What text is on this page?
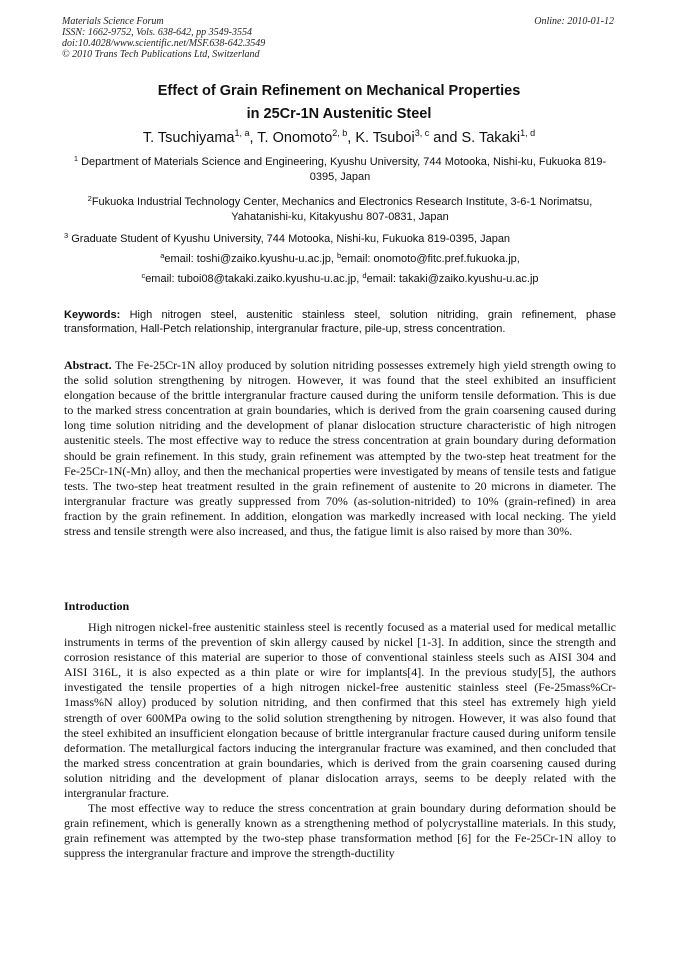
Materials Science Forum
ISSN: 1662-9752, Vols. 638-642, pp 3549-3554
doi:10.4028/www.scientific.net/MSF.638-642.3549
© 2010 Trans Tech Publications Ltd, Switzerland
Online: 2010-01-12
Effect of Grain Refinement on Mechanical Properties
in 25Cr-1N Austenitic Steel
T. Tsuchiyama$^{1, a}$, T. Onomoto$^{2, b}$, K. Tsuboi$^{3, c}$ and S. Takaki$^{1, d}$
$^1$ Department of Materials Science and Engineering, Kyushu University, 744 Motooka, Nishi-ku, Fukuoka 819-0395, Japan
$^2$Fukuoka Industrial Technology Center, Mechanics and Electronics Research Institute, 3-6-1 Norimatsu, Yahatanishi-ku, Kitakyushu 807-0831, Japan
$^3$ Graduate Student of Kyushu University, 744 Motooka, Nishi-ku, Fukuoka 819-0395, Japan
$^a$email: toshi@zaiko.kyushu-u.ac.jp, $^b$email: onomoto@fitc.pref.fukuoka.jp,
$^c$email: tuboi08@takaki.zaiko.kyushu-u.ac.jp, $^d$email: takaki@zaiko.kyushu-u.ac.jp
Keywords: High nitrogen steel, austenitic stainless steel, solution nitriding, grain refinement, phase transformation, Hall-Petch relationship, intergranular fracture, pile-up, stress concentration.
Abstract. The Fe-25Cr-1N alloy produced by solution nitriding possesses extremely high yield strength owing to the solid solution strengthening by nitrogen. However, it was found that the steel exhibited an insufficient elongation because of the brittle intergranular fracture caused during the uniform tensile deformation. This is due to the marked stress concentration at grain boundaries, which is derived from the grain coarsening caused during long time solution nitriding and the development of planar dislocation structure characteristic of high nitrogen austenitic steels. The most effective way to reduce the stress concentration at grain boundary during deformation should be grain refinement. In this study, grain refinement was attempted by the two-step heat treatment for the Fe-25Cr-1N(-Mn) alloy, and then the mechanical properties were investigated by means of tensile tests and fatigue tests. The two-step heat treatment resulted in the grain refinement of austenite to 20 microns in diameter. The intergranular fracture was greatly suppressed from 70% (as-solution-nitrided) to 10% (grain-refined) in area fraction by the grain refinement. In addition, elongation was markedly increased with local necking. The yield stress and tensile strength were also increased, and thus, the fatigue limit is also raised by more than 30%.
Introduction

High nitrogen nickel-free austenitic stainless steel is recently focused as a material used for medical metallic instruments in terms of the prevention of skin allergy caused by nickel [1-3]. In addition, since the strength and corrosion resistance of this material are superior to those of conventional stainless steels such as AISI 304 and AISI 316L, it is also expected as a thin plate or wire for implants[4]. In the previous study[5], the authors investigated the tensile properties of a high nitrogen nickel-free austenitic stainless steel (Fe-25mass%Cr-1mass%N alloy) produced by solution nitriding, and then confirmed that this steel has extremely high yield strength of over 600MPa owing to the solid solution strengthening by nitrogen. However, it was also found that the steel exhibited an insufficient elongation because of brittle intergranular fracture caused during uniform tensile deformation. The metallurgical factors inducing the intergranular fracture was examined, and then concluded that the marked stress concentration at grain boundaries, which is derived from the grain coarsening caused during solution nitriding and the development of planar dislocation arrays, seems to be deeply related with the intergranular fracture.

The most effective way to reduce the stress concentration at grain boundary during deformation should be grain refinement, which is generally known as a strengthening method of polycrystalline materials. In this study, grain refinement was attempted by the two-step phase transformation method [6] for the Fe-25Cr-1N alloy to suppress the intergranular fracture and improve the strength-ductility
